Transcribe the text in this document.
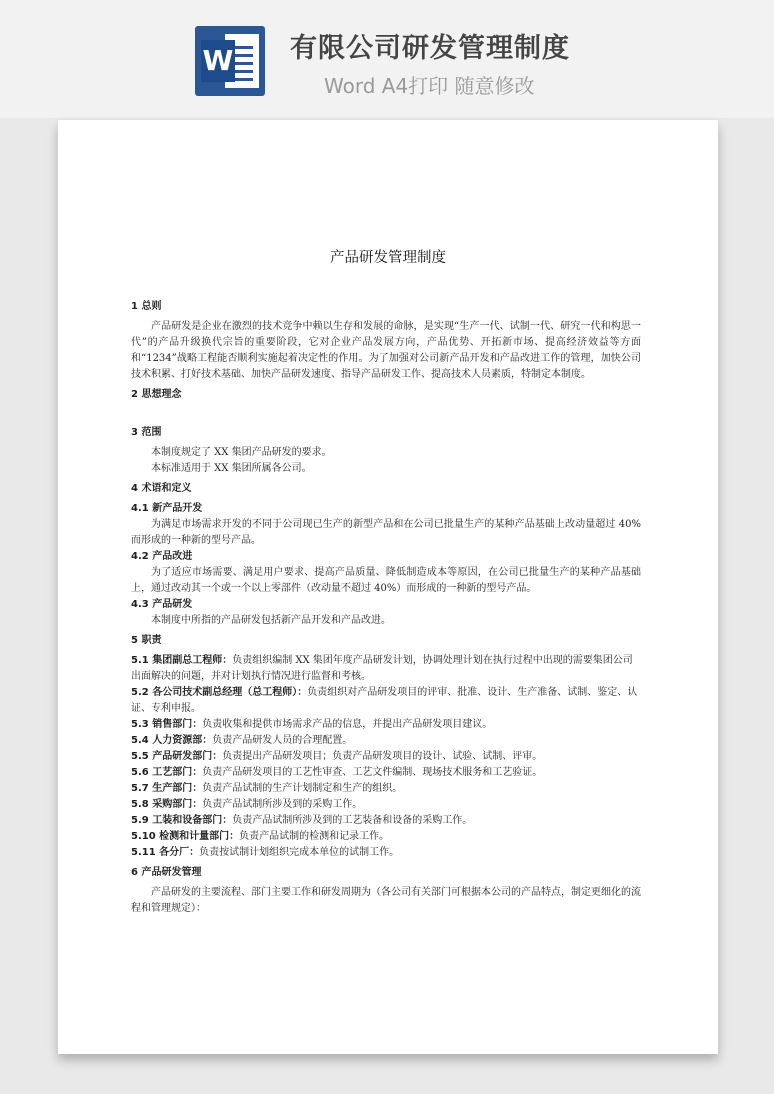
W 有限公司研发管理制度
Word A4打印 随意修改
产品研发管理制度
1 总则
产品研发是企业在激烈的技术竞争中赖以生存和发展的命脉，是实现“生产一代、试制一代、研究一代和构思一代”的产品升级换代宗旨的重要阶段，它对企业产品发展方向，产品优势、开拓新市场、提高经济效益等方面和“1234”战略工程能否顺利实施起着决定性的作用。为了加强对公司新产品开发和产品改进工作的管理，加快公司技术积累、打好技术基础、加快产品研发速度、指导产品研发工作、提高技术人员素质，特制定本制度。
2 思想理念
3 范围
本制度规定了 XX 集团产品研发的要求。
本标准适用于 XX 集团所属各公司。
4 术语和定义
4.1 新产品开发
为满足市场需求开发的不同于公司现已生产的新型产品和在公司已批量生产的某种产品基础上改动量超过 40%而形成的一种新的型号产品。
4.2 产品改进
为了适应市场需要、满足用户要求、提高产品质量、降低制造成本等原因，在公司已批量生产的某种产品基础上，通过改动其一个或一个以上零部件（改动量不超过 40%）而形成的一种新的型号产品。
4.3 产品研发
本制度中所指的产品研发包括新产品开发和产品改进。
5 职责
5.1 集团副总工程师：负责组织编制 XX 集团年度产品研发计划，协调处理计划在执行过程中出现的需要集团公司出面解决的问题，并对计划执行情况进行监督和考核。
5.2 各公司技术副总经理（总工程师）：负责组织对产品研发项目的评审、批准、设计、生产准备、试制、鉴定、认证、专利申报。
5.3 销售部门：负责收集和提供市场需求产品的信息，并提出产品研发项目建议。
5.4 人力资源部：负责产品研发人员的合理配置。
5.5 产品研发部门：负责提出产品研发项目；负责产品研发项目的设计、试验、试制、评审。
5.6 工艺部门：负责产品研发项目的工艺性审查、工艺文件编制、现场技术服务和工艺验证。
5.7 生产部门：负责产品试制的生产计划制定和生产的组织。
5.8 采购部门：负责产品试制所涉及到的采购工作。
5.9 工装和设备部门：负责产品试制所涉及到的工艺装备和设备的采购工作。
5.10 检测和计量部门：负责产品试制的检测和记录工作。
5.11 各分厂：负责按试制计划组织完成本单位的试制工作。
6 产品研发管理
产品研发的主要流程、部门主要工作和研发周期为（各公司有关部门可根据本公司的产品特点，制定更细化的流程和管理规定）：
